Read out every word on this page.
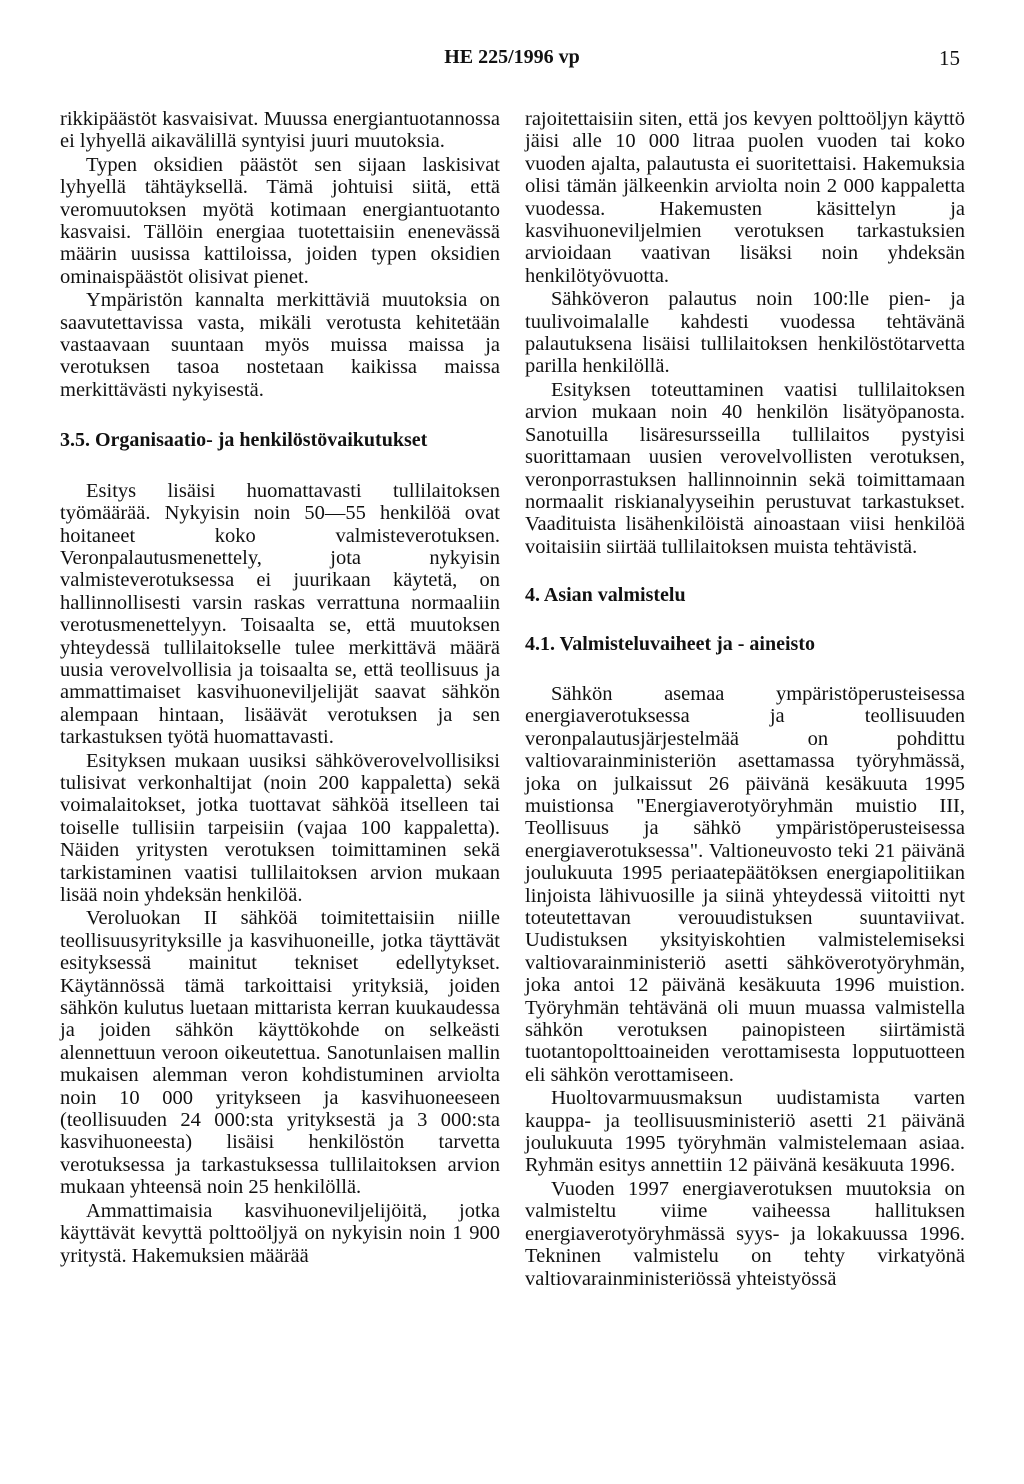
HE 225/1996 vp	15

rikkipäästöt kasvaisivat. Muussa energiantuotannossa ei lyhyellä aikavälillä syntyisi juuri muutoksia.

Typen oksidien päästöt sen sijaan laskisivat lyhyellä tähtäyksellä. Tämä johtuisi siitä, että veromuutoksen myötä kotimaan energiantuotanto kasvaisi. Tällöin energiaa tuotettaisiin enenevässä määrin uusissa kattiloissa, joiden typen oksidien ominaispäästöt olisivat pienet.

Ympäristön kannalta merkittäviä muutoksia on saavutettavissa vasta, mikäli verotusta kehitetään vastaavaan suuntaan myös muissa maissa ja verotuksen tasoa nostetaan kaikissa maissa merkittävästi nykyisestä.

3.5. Organisaatio- ja henkilöstövaikutukset

Esitys lisäisi huomattavasti tullilaitoksen työmäärää. Nykyisin noin 50—55 henkilöä ovat hoitaneet koko valmisteverotuksen. Veronpalautusmenettely, jota nykyisin valmisteverotuksessa ei juurikaan käytetä, on hallinnollisesti varsin raskas verrattuna normaaliin verotusmenettelyyn. Toisaalta se, että muutoksen yhteydessä tullilaitokselle tulee merkittävä määrä uusia verovelvollisia ja toisaalta se, että teollisuus ja ammattimaiset kasvihuoneviljelijät saavat sähkön alempaan hintaan, lisäävät verotuksen ja sen tarkastuksen työtä huomattavasti.

Esityksen mukaan uusiksi sähköverovelvollisiksi tulisivat verkonhaltijat (noin 200 kappaletta) sekä voimalaitokset, jotka tuottavat sähköä itselleen tai toiselle tullisiin tarpeisiin (vajaa 100 kappaletta). Näiden yritysten verotuksen toimittaminen sekä tarkistaminen vaatisi tullilaitoksen arvion mukaan lisää noin yhdeksän henkilöä.

Veroluokan II sähköä toimitettaisiin niille teollisuusyrityksille ja kasvihuoneille, jotka täyttävät esityksessä mainitut tekniset edellytykset. Käytännössä tämä tarkoittaisi yrityksiä, joiden sähkön kulutus luetaan mittarista kerran kuukaudessa ja joiden sähkön käyttökohde on selkeästi alennettuun veroon oikeutettua. Sanotunlaisen mallin mukaisen alemman veron kohdistuminen arviolta noin 10 000 yritykseen ja kasvihuoneeseen (teollisuuden 24 000:sta yrityksestä ja 3 000:sta kasvihuoneesta) lisäisi henkilöstön tarvetta verotuksessa ja tarkastuksessa tullilaitoksen arvion mukaan yhteensä noin 25 henkilöllä.

Ammattimaisia kasvihuoneviljelijöitä, jotka käyttävät kevyttä polttoöljyä on nykyisin noin 1 900 yritystä. Hakemuksien määrää

rajoitettaisiin siten, että jos kevyen polttoöljyn käyttö jäisi alle 10 000 litraa puolen vuoden tai koko vuoden ajalta, palautusta ei suoritettaisi. Hakemuksia olisi tämän jälkeenkin arviolta noin 2 000 kappaletta vuodessa. Hakemusten käsittelyn ja kasvihuoneviljelmien verotuksen tarkastuksien arvioidaan vaativan lisäksi noin yhdeksän henkilötyövuotta.

Sähköveron palautus noin 100:lle pien- ja tuulivoimalalle kahdesti vuodessa tehtävänä palautuksena lisäisi tullilaitoksen henkilöstötarvetta parilla henkilöllä.

Esityksen toteuttaminen vaatisi tullilaitoksen arvion mukaan noin 40 henkilön lisätyöpanosta. Sanotuilla lisäresursseilla tullilaitos pystyisi suorittamaan uusien verovelvollisten verotuksen, veronporrastuksen hallinnoinnin sekä toimittamaan normaalit riskianalyyseihin perustuvat tarkastukset. Vaadituista lisähenkilöistä ainoastaan viisi henkilöä voitaisiin siirtää tullilaitoksen muista tehtävistä.

4. Asian valmistelu
4.1. Valmisteluvaiheet ja - aineisto

Sähkön asemaa ympäristöperusteisessa energiaverotuksessa ja teollisuuden veronpalautusjärjestelmää on pohdittu valtiovarainministeriön asettamassa työryhmässä, joka on julkaissut 26 päivänä kesäkuuta 1995 muistionsa "Energiaverotyöryhmän muistio III, Teollisuus ja sähkö ympäristöperusteisessa energiaverotuksessa". Valtioneuvosto teki 21 päivänä joulukuuta 1995 periaatepäätöksen energiapolitiikan linjoista lähivuosille ja siinä yhteydessä viitoitti nyt toteutettavan verouudistuksen suuntaviivat. Uudistuksen yksityiskohtien valmistelemiseksi valtiovarainministeriö asetti sähköverotyöryhmän, joka antoi 12 päivänä kesäkuuta 1996 muistion. Työryhmän tehtävänä oli muun muassa valmistella sähkön verotuksen painopisteen siirtämistä tuotantopolttoaineiden verottamisesta lopputuotteen eli sähkön verottamiseen.

Huoltovarmuusmaksun uudistamista varten kauppa- ja teollisuusministeriö asetti 21 päivänä joulukuuta 1995 työryhmän valmistelemaan asiaa. Ryhmän esitys annettiin 12 päivänä kesäkuuta 1996.

Vuoden 1997 energiaverotuksen muutoksia on valmisteltu viime vaiheessa hallituksen energiaverotyöryhmässä syys- ja lokakuussa 1996. Tekninen valmistelu on tehty virkatyönä valtiovarainministeriössä yhteistyössä
